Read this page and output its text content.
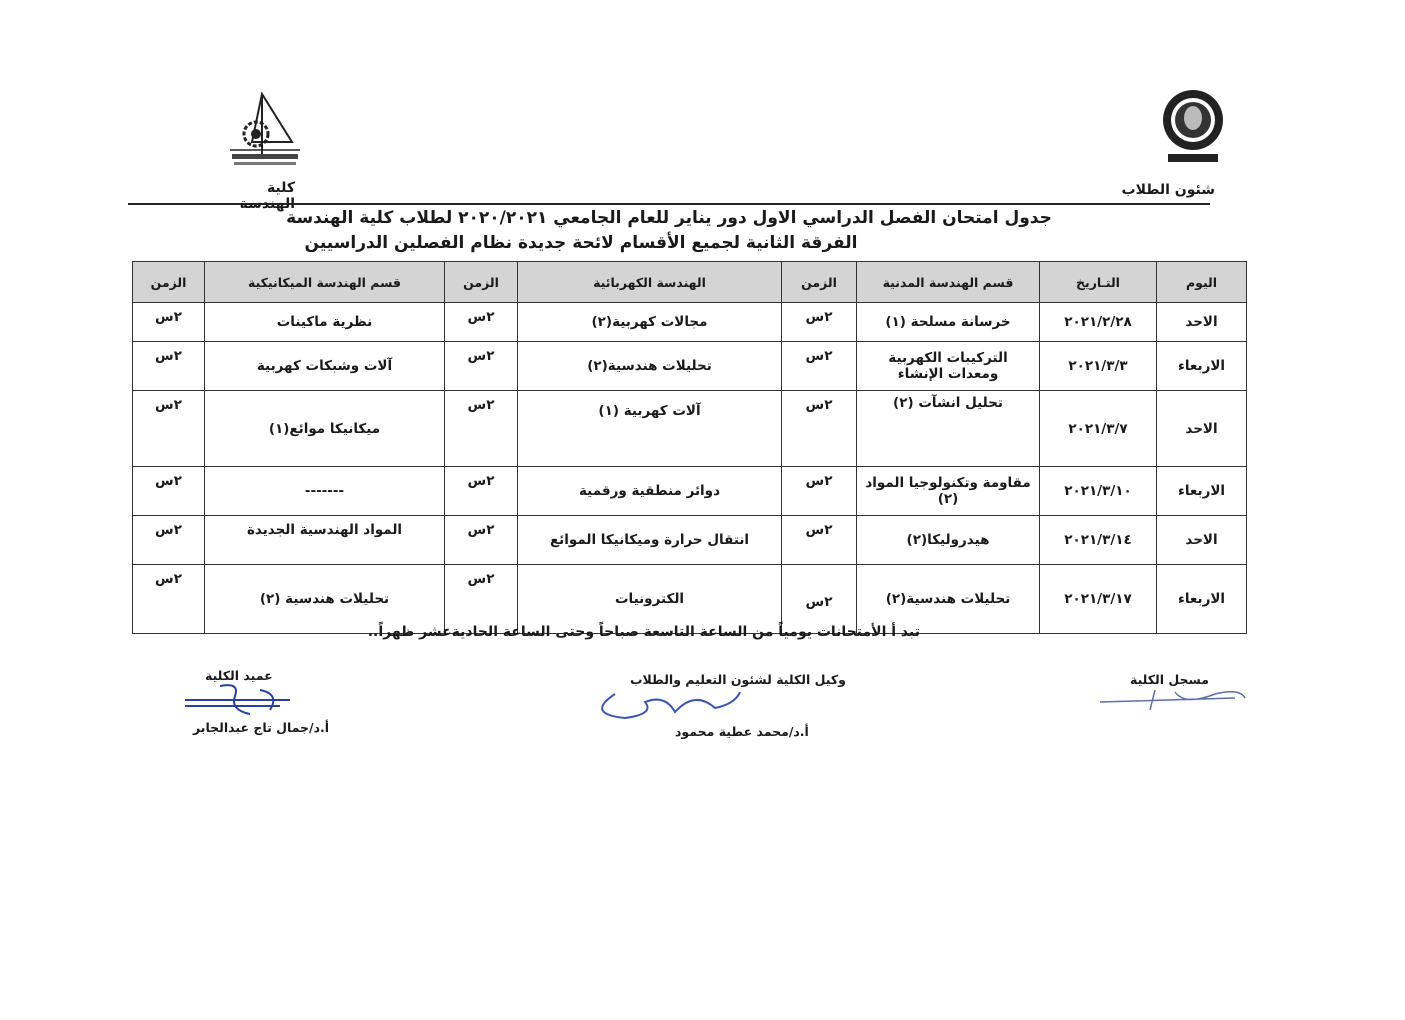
كلية الهندسة
شئون الطلاب
جدول امتحان الفصل الدراسي الاول دور يناير للعام الجامعي ٢٠٢٠/٢٠٢١ لطلاب كلية الهندسة
الفرقة الثانية لجميع الأقسام لائحة جديدة نظام الفصلين الدراسيين
اليوم	التـاريخ	قسم الهندسة المدنية	الزمن	الهندسة الكهربائية	الزمن	قسم الهندسة الميكانيكية	الزمن
الاحد	٢٠٢١/٢/٢٨	خرسانة مسلحة (١)	٢س	مجالات كهربية(٢)	٢س	نظرية ماكينات	٢س
الاربعاء	٢٠٢١/٣/٣	التركيبات الكهربية ومعدات الإنشاء	٢س	تحليلات هندسية(٢)	٢س	آلات وشبكات كهربية	٢س
الاحد	٢٠٢١/٣/٧	تحليل انشآت (٢)	٢س	آلات كهربية (١)	٢س	ميكانيكا موائع(١)	٢س
الاربعاء	٢٠٢١/٣/١٠	مقاومة وتكنولوجيا المواد (٢)	٢س	دوائر منطقية ورقمية	٢س	-------	٢س
الاحد	٢٠٢١/٣/١٤	هيدروليكا(٢)	٢س	انتقال حرارة وميكانيكا الموائع	٢س	المواد الهندسية الجديدة	٢س
الاربعاء	٢٠٢١/٣/١٧	تحليلات هندسية(٢)	٢س	الكترونيات	٢س	تحليلات هندسية (٢)	٢س
تبد أ الأمتحانات يومياً من الساعة التاسعة صباحاً وحتى الساعة الحاديةعشر ظهراً..
مسجل الكلية
وكيل الكلية لشئون التعليم والطلاب
عميد الكلية
أ.د/محمد عطية محمود
أ.د/جمال تاج عبدالجابر
